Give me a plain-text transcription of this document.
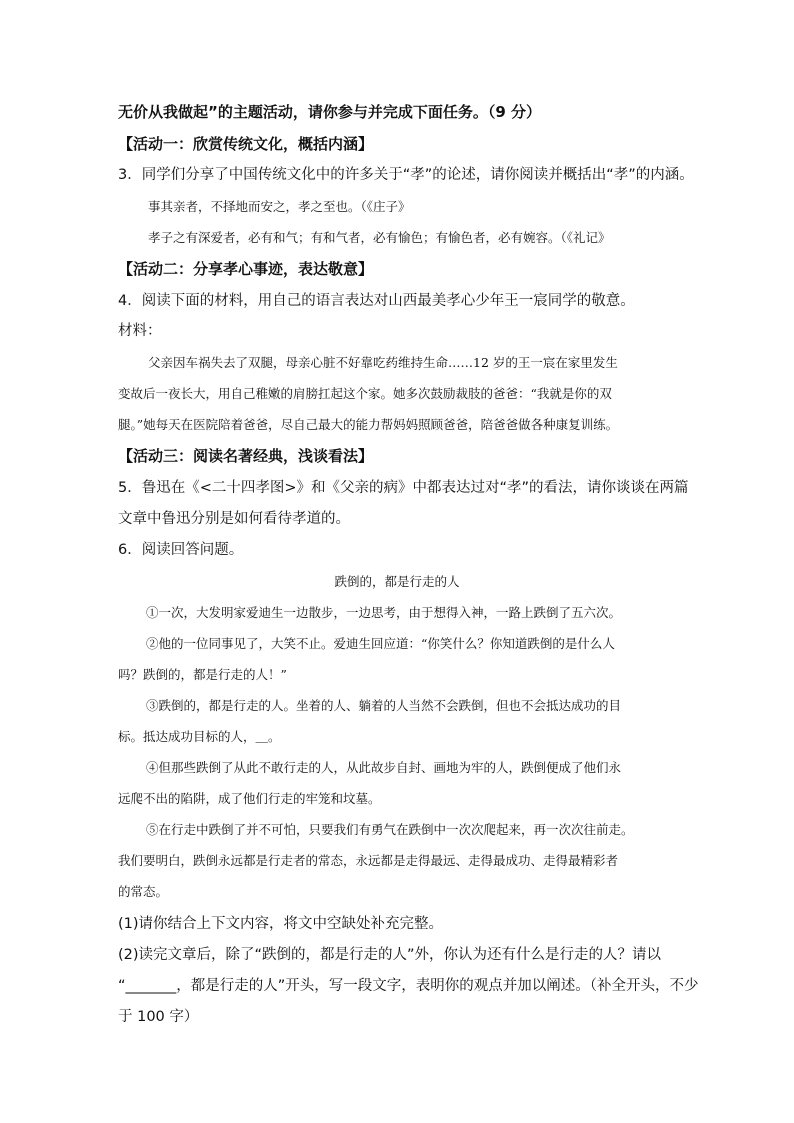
无价从我做起”的主题活动，请你参与并完成下面任务。（9 分）
【活动一：欣赏传统文化，概括内涵】
3．同学们分享了中国传统文化中的许多关于“孝”的论述，请你阅读并概括出“孝”的内涵。
事其亲者，不择地而安之，孝之至也。（《庄子》
孝子之有深爱者，必有和气；有和气者，必有愉色；有愉色者，必有婉容。（《礼记》
【活动二：分享孝心事迹，表达敬意】
4．阅读下面的材料，用自己的语言表达对山西最美孝心少年王一宸同学的敬意。
材料：
父亲因车祸失去了双腿，母亲心脏不好靠吃药维持生命……12 岁的王一宸在家里发生
变故后一夜长大，用自己稚嫩的肩膀扛起这个家。她多次鼓励裁肢的爸爸：“我就是你的双
腿。”她每天在医院陪着爸爸，尽自己最大的能力帮妈妈照顾爸爸，陪爸爸做各种康复训练。
【活动三：阅读名著经典，浅谈看法】
5．鲁迅在《<二十四孝图>》和《父亲的病》中都表达过对“孝”的看法，请你谈谈在两篇
文章中鲁迅分别是如何看待孝道的。
6．阅读回答问题。
跌倒的，都是行走的人
①一次，大发明家爱迪生一边散步，一边思考，由于想得入神，一路上跌倒了五六次。
②他的一位同事见了，大笑不止。爱迪生回应道：“你笑什么？你知道跌倒的是什么人
吗？跌倒的，都是行走的人！”
③跌倒的，都是行走的人。坐着的人、躺着的人当然不会跌倒，但也不会抵达成功的目
标。抵达成功目标的人，＿。
④但那些跌倒了从此不敢行走的人，从此故步自封、画地为牢的人，跌倒便成了他们永
远爬不出的陷阱，成了他们行走的牢笼和坟墓。
⑤在行走中跌倒了并不可怕，只要我们有勇气在跌倒中一次次爬起来，再一次次往前走。
我们要明白，跌倒永远都是行走者的常态，永远都是走得最远、走得最成功、走得最精彩者
的常态。
(1)请你结合上下文内容，将文中空缺处补充完整。
(2)读完文章后，除了“跌倒的，都是行走的人”外，你认为还有什么是行走的人？请以
“_______，都是行走的人”开头，写一段文字，表明你的观点并加以阐述。（补全开头，不少
于 100 字）
